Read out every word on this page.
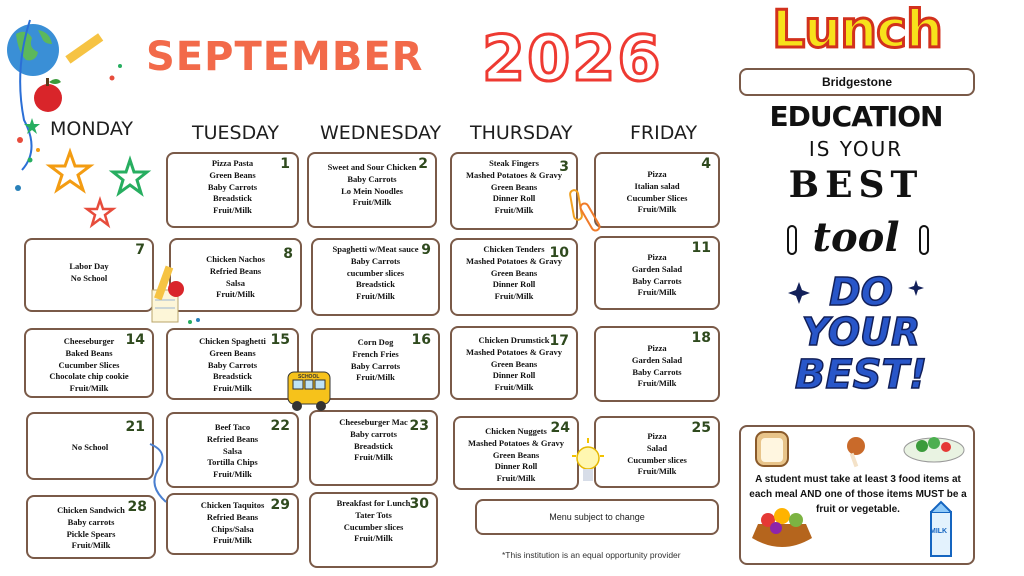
SEPTEMBER 2026
MONDAY	TUESDAY WEDNESDAY THURSDAY	FRIDAY
1
Pizza Pasta
Green Beans
Baby Carrots
Breadstick
Fruit/Milk
2
Sweet and Sour Chicken
Baby Carrots
Lo Mein Noodles
Fruit/Milk
3
Steak Fingers
Mashed Potatoes & Gravy
Green Beans
Dinner Roll
Fruit/Milk
4
Pizza
Italian salad
Cucumber Slices
Fruit/Milk
7
Labor Day
No School
8
Chicken Nachos
Refried Beans
Salsa
Fruit/Milk
9
Spaghetti w/Meat sauce
Baby Carrots
cucumber slices
Breadstick
Fruit/Milk
10
Chicken Tenders
Mashed Potatoes & Gravy
Green Beans
Dinner Roll
Fruit/Milk
11
Pizza
Garden Salad
Baby Carrots
Fruit/Milk
14
Cheeseburger
Baked Beans
Cucumber Slices
Chocolate chip cookie
Fruit/Milk
15
Chicken Spaghetti
Green Beans
Baby Carrots
Breadstick
Fruit/Milk
16
Corn Dog
French Fries
Baby Carrots
Fruit/Milk
17
Chicken Drumstick
Mashed Potatoes & Gravy
Green Beans
Dinner Roll
Fruit/Milk
18
Pizza
Garden Salad
Baby Carrots
Fruit/Milk
21
No School
22
Beef Taco
Refried Beans
Salsa
Tortilla Chips
Fruit/Milk
23
Cheeseburger Mac
Baby carrots
Breadstick
Fruit/Milk
24
Chicken Nuggets
Mashed Potatoes & Gravy
Green Beans
Dinner Roll
Fruit/Milk
25
Pizza
Salad
Cucumber slices
Fruit/Milk
28
Chicken Sandwich
Baby carrots
Pickle Spears
Fruit/Milk
29
Chicken Taquitos
Refried Beans
Chips/Salsa
Fruit/Milk
30
Breakfast for Lunch
Tater Tots
Cucumber slices
Fruit/Milk
Menu subject to change
*This institution is an equal opportunity provider
SCHOOL
Lunch
Bridgestone
EDUCATION
IS YOUR
BEST
tool
DO
YOUR
BEST!
A student must take at least 3 food items at each meal AND one of those items MUST be a fruit or vegetable.
MILK
